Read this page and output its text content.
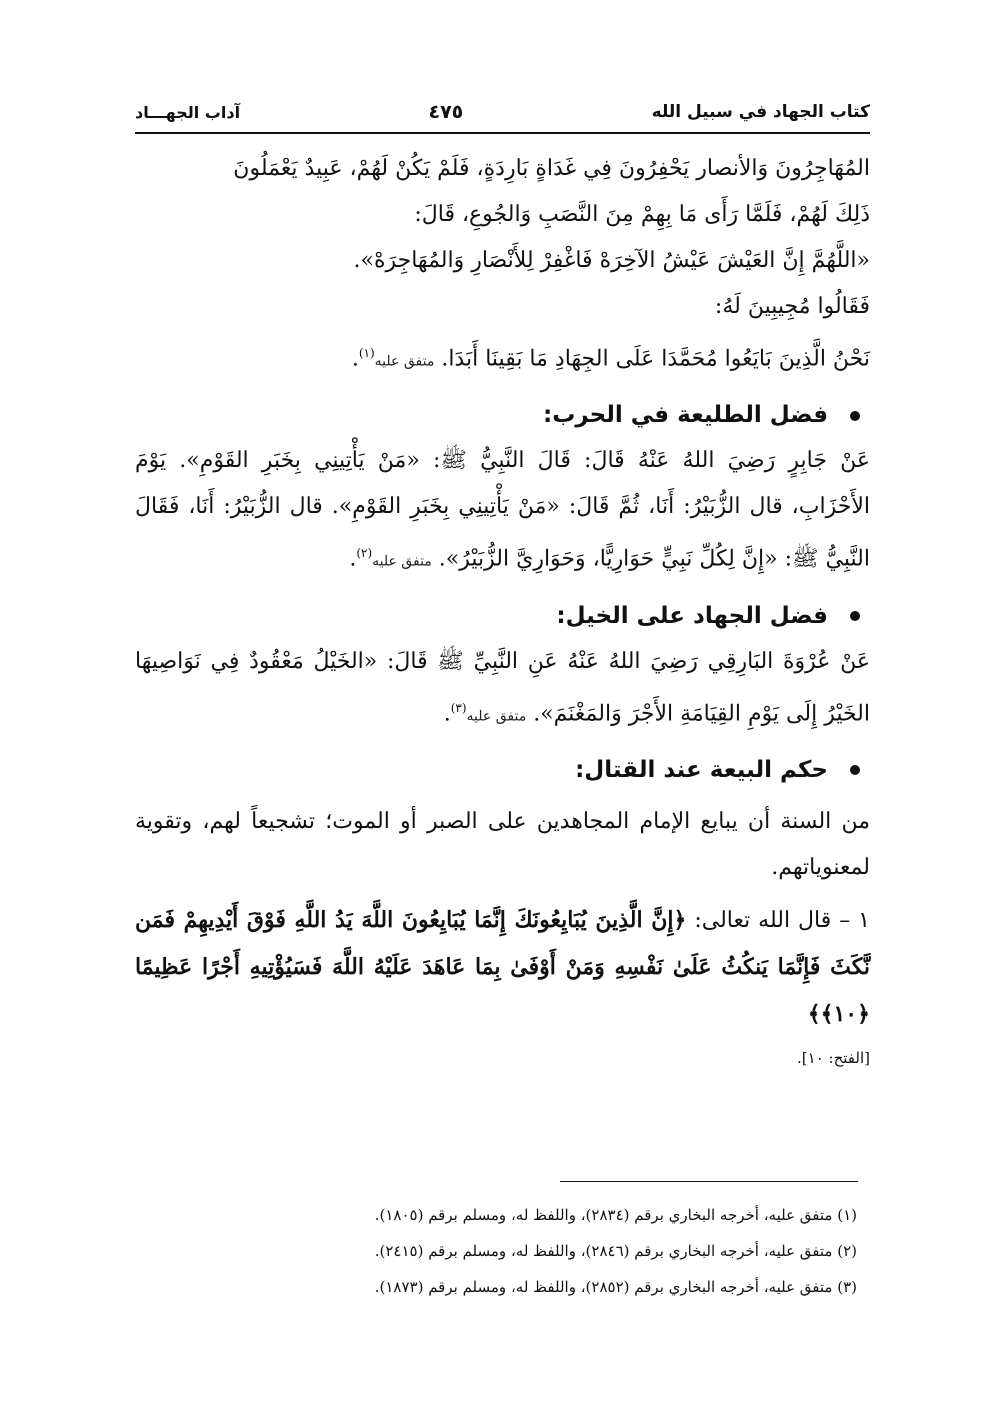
كتاب الجهاد في سبيل الله
٤٧٥
آداب الجهـــاد

المُهَاجِرُونَ وَالأنصار يَحْفِرُونَ فِي غَدَاةٍ بَارِدَةٍ، فَلَمْ يَكُنْ لَهُمْ، عَبِيدٌ يَعْمَلُونَ

ذَلِكَ لَهُمْ، فَلَمَّا رَأَى مَا بِهِمْ مِنَ النَّصَبِ وَالجُوعِ، قَالَ:

«اللَّهُمَّ إِنَّ العَيْشَ عَيْشُ الآخِرَهْ فَاغْفِرْ لِلأَنْصَارِ وَالمُهَاجِرَهْ».

فَقَالُوا مُجِيبِينَ لَهُ:

نَحْنُ الَّذِينَ بَايَعُوا مُحَمَّدَا عَلَى الجِهَادِ مَا بَقِينَا أَبَدَا. متفق عليه$^{(١)}$.

فضل الطليعة في الحرب:

عَنْ جَابِرٍ رَضِيَ اللهُ عَنْهُ قَالَ: قَالَ النَّبِيُّ ﷺ: «مَنْ يَأْتِينِي بِخَبَرِ القَوْمِ». يَوْمَ الأَحْزَابِ، قال الزُّبَيْرُ: أَنَا، ثُمَّ قَالَ: «مَنْ يَأْتِينِي بِخَبَرِ القَوْمِ». قال الزُّبَيْرُ: أَنَا، فَقَالَ النَّبِيُّ ﷺ: «إِنَّ لِكُلِّ نَبِيٍّ حَوَارِيًّا، وَحَوَارِيَّ الزُّبَيْرُ». متفق عليه$^{(٢)}$.

فضل الجهاد على الخيل:

عَنْ عُرْوَةَ البَارِقِي رَضِيَ اللهُ عَنْهُ عَنِ النَّبِيِّ ﷺ قَالَ: «الخَيْلُ مَعْقُودٌ فِي نَوَاصِيهَا الخَيْرُ إِلَى يَوْمِ القِيَامَةِ الأَجْرَ وَالمَغْنَمَ». متفق عليه$^{(٣)}$.

حكم البيعة عند القتال:

من السنة أن يبايع الإمام المجاهدين على الصبر أو الموت؛ تشجيعاً لهم، وتقوية لمعنوياتهم.

١ – قال الله تعالى: ﴿إِنَّ الَّذِينَ يُبَايِعُونَكَ إِنَّمَا يُبَايِعُونَ اللَّهَ يَدُ اللَّهِ فَوْقَ أَيْدِيهِمْ فَمَن نَّكَثَ فَإِنَّمَا يَنكُثُ عَلَىٰ نَفْسِهِ وَمَنْ أَوْفَىٰ بِمَا عَاهَدَ عَلَيْهُ اللَّهَ فَسَيُؤْتِيهِ أَجْرًا عَظِيمًا ﴿١٠﴾﴾

[الفتح: ١٠].

(١) متفق عليه، أخرجه البخاري برقم (٢٨٣٤)، واللفظ له، ومسلم برقم (١٨٠٥).

(٢) متفق عليه، أخرجه البخاري برقم (٢٨٤٦)، واللفظ له، ومسلم برقم (٢٤١٥).

(٣) متفق عليه، أخرجه البخاري برقم (٢٨٥٢)، واللفظ له، ومسلم برقم (١٨٧٣).
